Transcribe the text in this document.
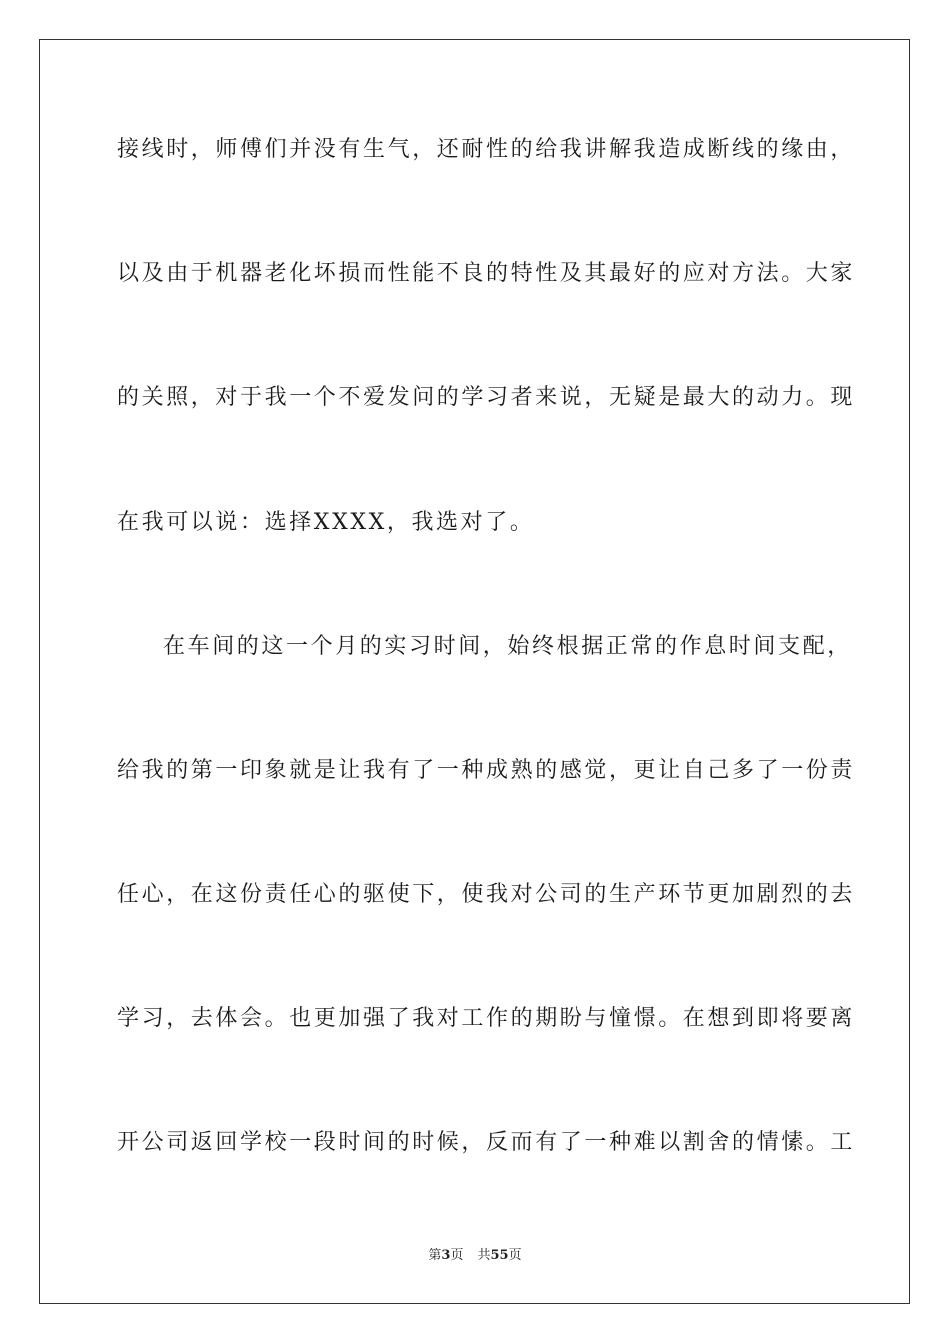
接线时，师傅们并没有生气，还耐性的给我讲解我造成断线的缘由，
以及由于机器老化坏损而性能不良的特性及其最好的应对方法。大家
的关照，对于我一个不爱发问的学习者来说，无疑是最大的动力。现
在我可以说：选择XXXX，我选对了。
在车间的这一个月的实习时间，始终根据正常的作息时间支配，
给我的第一印象就是让我有了一种成熟的感觉，更让自己多了一份责
任心，在这份责任心的驱使下，使我对公司的生产环节更加剧烈的去
学习，去体会。也更加强了我对工作的期盼与憧憬。在想到即将要离
开公司返回学校一段时间的时候，反而有了一种难以割舍的情愫。工
第3页 共55页
